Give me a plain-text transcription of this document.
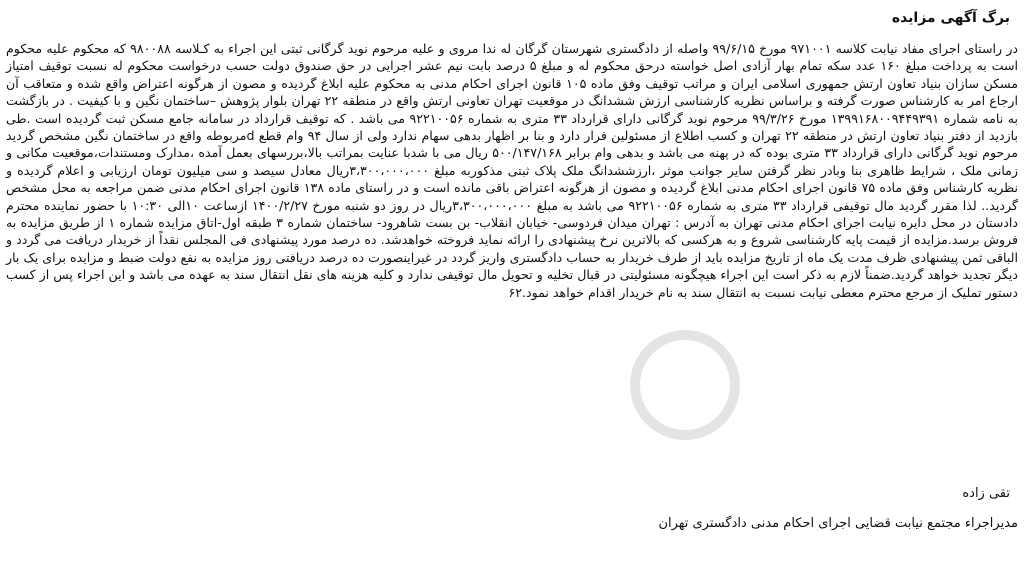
برگ آگهی مزایده
در راستای اجرای مفاد نیابت کلاسه ۹۷۱۰۰۱ مورخ ۹۹/۶/۱۵ واصله از دادگستری شهرستان گرگان له ندا مروی و علیه مرحوم نوید گرگانی ثبتی این اجراء به ک‍ـ‍لاسه ۹۸۰۰۸۸ که محکوم علیه محکوم است به پرداخت مبلغ ۱۶۰ عدد سکه تمام بهار آزادی اصل خواسته درحق محکوم له و مبلغ ۵ درصد بابت نیم عشر اجرایی در حق صندوق دولت حسب درخواست محکوم له نسبت توقیف امتیاز مسکن سازان بنیاد تعاون ارتش جمهوری اسلامی ایران و مراتب توقیف وفق ماده ۱۰۵ قانون اجرای احکام مدنی به محکوم علیه ابلاغ گردیده و مصون از هرگونه اعتراض واقع شده و متعاقب آن ارجاع امر به کارشناس صورت گرفته و براساس نظریه کارشناسی ارزش ششدانگ در موقعیت تهران تعاونی ارتش واقع در منطقه ۲۲ تهران بلوار پژوهش –ساختمان نگین و با کیفیت . در بازگشت به نامه شماره ۱۳۹۹۱۶۸۰۰۹۴۴۹۳۹۱ مورخ ۹۹/۳/۲۶ مرحوم نوید گرگانی دارای قرارداد ۳۳ متری به شماره ۹۲۲۱۰۰۵۶ می باشد . که توقیف قرارداد در سامانه جامع مسکن ثبت گردیده است .طی بازدید از دفتر بنیاد تعاون ارتش در منطقه ۲۲ تهران و کسب اطلاع از مسئولین قرار دارد و بنا بر اظهار بدهی سهام ندارد ولی از سال ۹۴ وام قطع dمربوطه واقع در ساختمان نگین مشخص گردید مرحوم نوید گرگانی دارای قرارداد ۳۳ متری بوده که در پهنه می باشد و بدهی وام برابر ۵۰۰/۱۴۷/۱۶۸ ریال می با شدبا عنایت بمراتب بالا،بررسهای بعمل آمده ،مدارک ومستندات،موقعیت مکانی و زمانی ملک ، شرایط ظاهری بنا وبادر نظر گرفتن سایر جوانب موثر ،ارزششدانگ ملک پلاک ثبتی مذکوربه مبلغ ۳،۳۰۰،۰۰۰،۰۰۰ریال معادل سیصد و سی میلیون تومان ارزیابی و اعلام گردیده و نظریه کارشناس وفق ماده ۷۵ قانون اجرای احکام مدنی ابلاغ گردیده و مصون از هرگونه اعتراض باقی مانده است و در راستای ماده ۱۳۸ قانون اجرای احکام مدنی ضمن مراجعه به محل مشخص گردید.. لذا مقرر گردید مال توقیفی قرارداد ۳۳ متری به شماره ۹۲۲۱۰۰۵۶ می باشد به مبلغ ۳،۳۰۰،۰۰۰،۰۰۰ریال در روز دو شنبه مورخ ۱۴۰۰/۲/۲۷ ازساعت ۱۰الی ۱۰:۳۰ با حضور نماینده محترم دادستان در محل دایره نیابت اجرای احکام مدنی تهران به آدرس : تهران میدان فردوسی- خیابان انقلاب- بن بست شاهرود- ساختمان شماره ۳ طبقه اول-اتاق مزایده شماره ۱ از طریق مزایده به فروش برسد.مزایده از قیمت پایه کارشناسی شروع و به هرکسی که بالاترین نرخ پیشنهادی را ارائه نماید فروخته خواهدشد. ده درصد مورد پیشنهادی فی المجلس نقداً از خریدار دریافت می گردد و الباقی ثمن پیشنهادی ظرف مدت یک ماه از تاریخ مزایده باید از طرف خریدار به حساب دادگستری واریز گردد در غیراینصورت ده درصد دریافتی روز مزایده به نفع دولت ضبط و مزایده برای یک بار دیگر تجدید خواهد گردید.ضمناً لازم به ذکر است این اجراء هیچگونه مسئولیتی در قبال تخلیه و تحویل مال توقیفی ندارد و کلیه هزینه های نقل انتقال سند به عهده می باشد و این اجراء پس از کسب دستور تملیک از مرجع محترم معطی نیابت نسبت به انتقال سند به نام خریدار اقدام خواهد نمود.۶۲
تقی زاده
مدیراجراء مجتمع نیابت قضایی اجرای احکام مدنی دادگستری تهران
